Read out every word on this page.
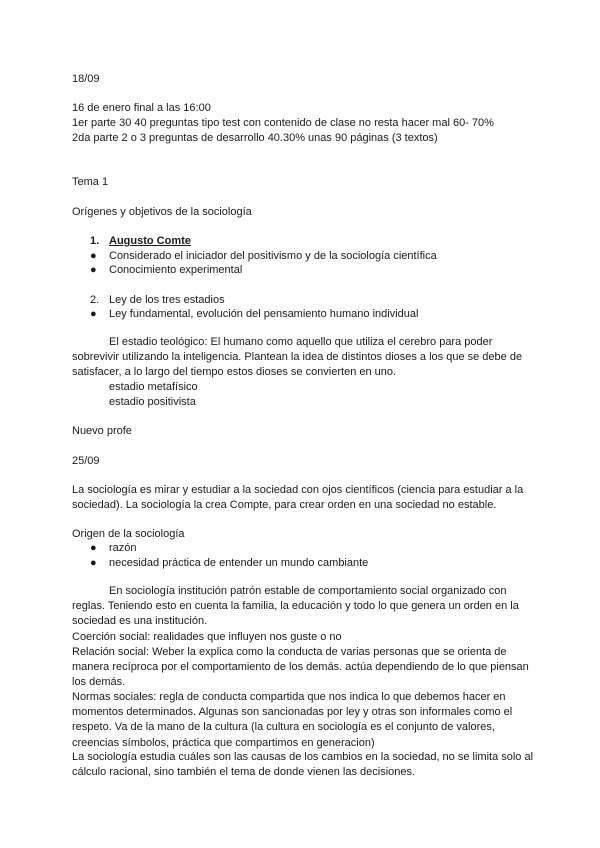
18/09
16 de enero final a las 16:00
1er parte 30 40 preguntas tipo test con contenido de clase no resta hacer mal 60- 70%
2da parte 2 o 3 preguntas de desarrollo 40.30% unas 90 páginas (3 textos)
Tema 1
Orígenes y objetivos de la sociología
1. Augusto Comte
● Considerado el iniciador del positivismo y de la sociología científica
● Conocimiento experimental
2. Ley de los tres estadios
● Ley fundamental, evolución del pensamiento humano individual
El estadio teológico: El humano como aquello que utiliza el cerebro para poder sobrevivir utilizando la inteligencia. Plantean la idea de distintos dioses a los que se debe de satisfacer, a lo largo del tiempo estos dioses se convierten en uno.
estadio metafísico
estadio positivista
Nuevo profe
25/09
La sociología es mirar y estudiar a la sociedad con ojos científicos (ciencia para estudiar a la sociedad). La sociología la crea Compte, para crear orden en una sociedad no estable.
Origen de la sociología
● razón
● necesidad práctica de entender un mundo cambiante
En sociología institución patrón estable de comportamiento social organizado con reglas. Teniendo esto en cuenta la familia, la educación y todo lo que genera un orden en la sociedad es una institución.
Coerción social: realidades que influyen nos guste o no
Relación social: Weber la explica como la conducta de varias personas que se orienta de manera recíproca por el comportamiento de los demás. actúa dependiendo de lo que piensan los demás.
Normas sociales: regla de conducta compartida que nos indica lo que debemos hacer en momentos determinados. Algunas son sancionadas por ley y otras son informales como el respeto. Va de la mano de la cultura (la cultura en sociología es el conjunto de valores, creencias símbolos, práctica que compartimos en generacion)
La sociología estudia cuáles son las causas de los cambios en la sociedad, no se limita solo al cálculo racional, sino también el tema de donde vienen las decisiones.
